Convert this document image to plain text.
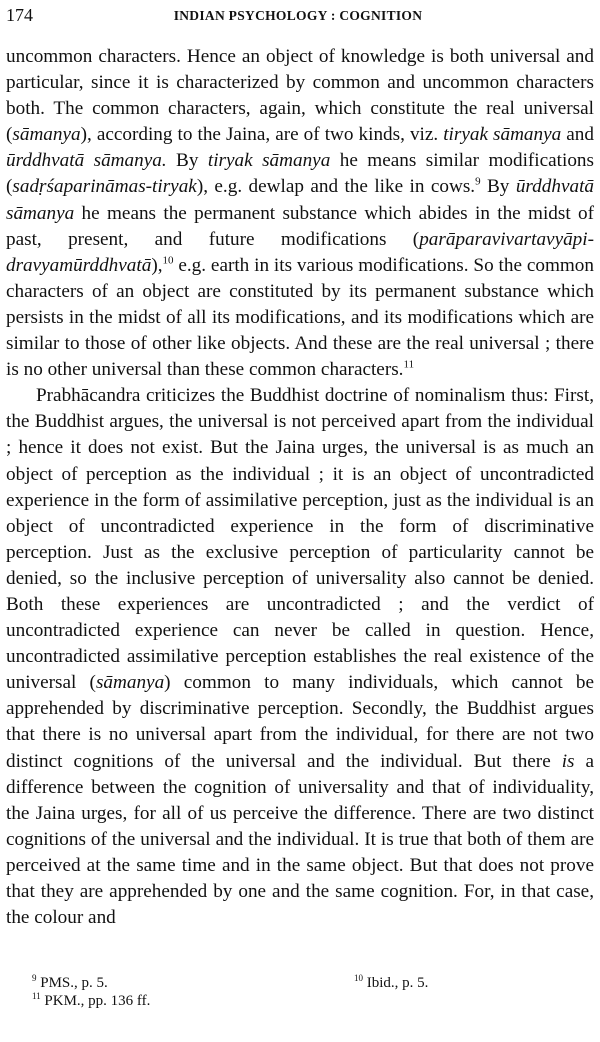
174	INDIAN PSYCHOLOGY : COGNITION

uncommon characters. Hence an object of knowledge is both universal and particular, since it is characterized by common and uncommon characters both. The common characters, again, which constitute the real universal (sāmanya), according to the Jaina, are of two kinds, viz. tiryak sāmanya and ūrddhvatā sāmanya. By tiryak sāmanya he means similar modifications (sadṛśaparināmas-tiryak), e.g. dewlap and the like in cows.$^9$ By ūrddhvatā sāmanya he means the permanent substance which abides in the midst of past, present, and future modifications (parāparavivartavyāpi-dravyamūrddhvatā),$^{10}$ e.g. earth in its various modifications. So the common characters of an object are constituted by its permanent substance which persists in the midst of all its modifications, and its modifications which are similar to those of other like objects. And these are the real universal ; there is no other universal than these common characters.$^{11}$

Prabhācandra criticizes the Buddhist doctrine of nominalism thus: First, the Buddhist argues, the universal is not perceived apart from the individual ; hence it does not exist. But the Jaina urges, the universal is as much an object of perception as the individual ; it is an object of uncontradicted experience in the form of assimilative perception, just as the individual is an object of uncontradicted experience in the form of discriminative perception. Just as the exclusive perception of particularity cannot be denied, so the inclusive perception of universality also cannot be denied. Both these experiences are uncontradicted ; and the verdict of uncontradicted experience can never be called in question. Hence, uncontradicted assimilative perception establishes the real existence of the universal (sāmanya) common to many individuals, which cannot be apprehended by discriminative perception. Secondly, the Buddhist argues that there is no universal apart from the individual, for there are not two distinct cognitions of the universal and the individual. But there is a difference between the cognition of universality and that of individuality, the Jaina urges, for all of us perceive the difference. There are two distinct cognitions of the universal and the individual. It is true that both of them are perceived at the same time and in the same object. But that does not prove that they are apprehended by one and the same cognition. For, in that case, the colour and

$^9$ PMS., p. 5.	$^{10}$ Ibid., p. 5.
$^{11}$ PKM., pp. 136 ff.
